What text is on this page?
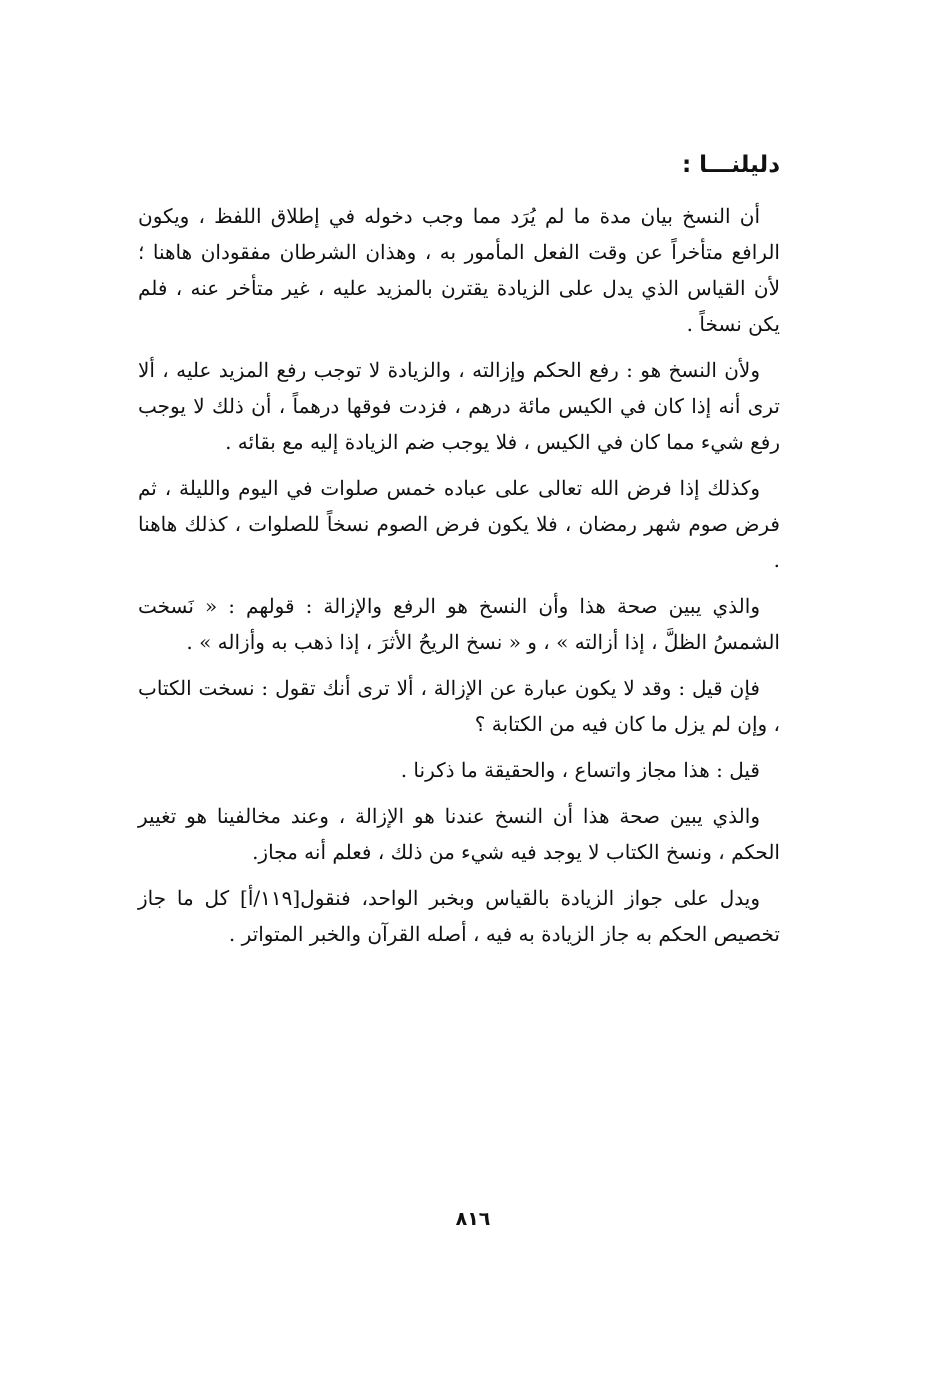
دليلنـــا :

أن النسخ بيان مدة ما لم يُرَد مما وجب دخوله في إطلاق اللفظ ، ويكون الرافع متأخراً عن وقت الفعل المأمور به ، وهذان الشرطان مفقودان هاهنا ؛ لأن القياس الذي يدل على الزيادة يقترن بالمزيد عليه ، غير متأخر عنه ، فلم يكن نسخاً .

ولأن النسخ هو : رفع الحكم وإزالته ، والزيادة لا توجب رفع المزيد عليه ، ألا ترى أنه إذا كان في الكيس مائة درهم ، فزدت فوقها درهماً ، أن ذلك لا يوجب رفع شيء مما كان في الكيس ، فلا يوجب ضم الزيادة إليه مع بقائه .

وكذلك إذا فرض الله تعالى على عباده خمس صلوات في اليوم والليلة ، ثم فرض صوم شهر رمضان ، فلا يكون فرض الصوم نسخاً للصلوات ، كذلك هاهنا .

والذي يبين صحة هذا وأن النسخ هو الرفع والإزالة : قولهم : « نَسخت الشمسُ الظلَّ ، إذا أزالته » ، و « نسخ الريحُ الأثرَ ، إذا ذهب به وأزاله » .

فإن قيل : وقد لا يكون عبارة عن الإزالة ، ألا ترى أنك تقول : نسخت الكتاب ، وإن لم يزل ما كان فيه من الكتابة ؟

قيل : هذا مجاز واتساع ، والحقيقة ما ذكرنا .

والذي يبين صحة هذا أن النسخ عندنا هو الإزالة ، وعند مخالفينا هو تغيير الحكم ، ونسخ الكتاب لا يوجد فيه شيء من ذلك ، فعلم أنه مجاز.

ويدل على جواز الزيادة بالقياس وبخبر الواحد، فنقول[١١٩/أ] كل ما جاز تخصيص الحكم به جاز الزيادة به فيه ، أصله القرآن والخبر المتواتر .

٨١٦
